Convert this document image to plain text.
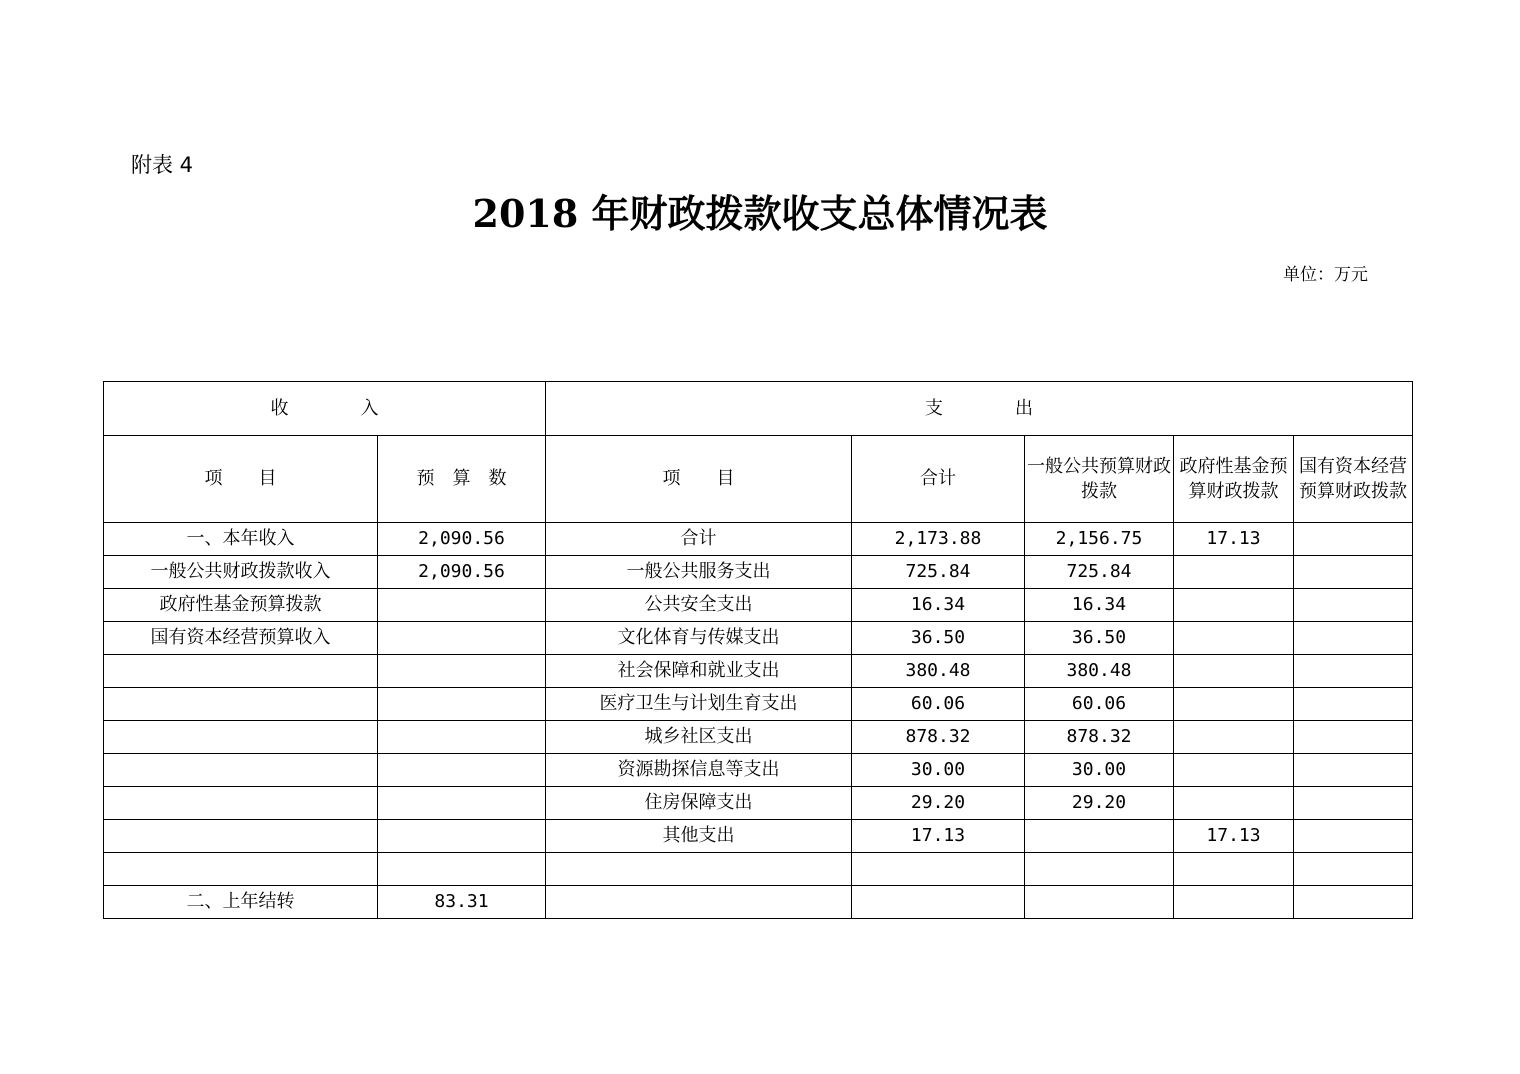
附表 4
2018 年财政拨款收支总体情况表
单位：万元
收　　　　入		支　　　　出				
项　　目	预　算　数	项　　目	合计	一般公共预算财政拨款	政府性基金预算财政拨款	国有资本经营预算财政拨款
一、本年收入	2,090.56	合计	2,173.88	2,156.75	17.13	
一般公共财政拨款收入	2,090.56	一般公共服务支出	725.84	725.84		
政府性基金预算拨款		公共安全支出	16.34	16.34		
国有资本经营预算收入		文化体育与传媒支出	36.50	36.50		
		社会保障和就业支出	380.48	380.48		
		医疗卫生与计划生育支出	60.06	60.06		
		城乡社区支出	878.32	878.32		
		资源勘探信息等支出	30.00	30.00		
		住房保障支出	29.20	29.20		
		其他支出	17.13		17.13	

二、上年结转	83.31					
